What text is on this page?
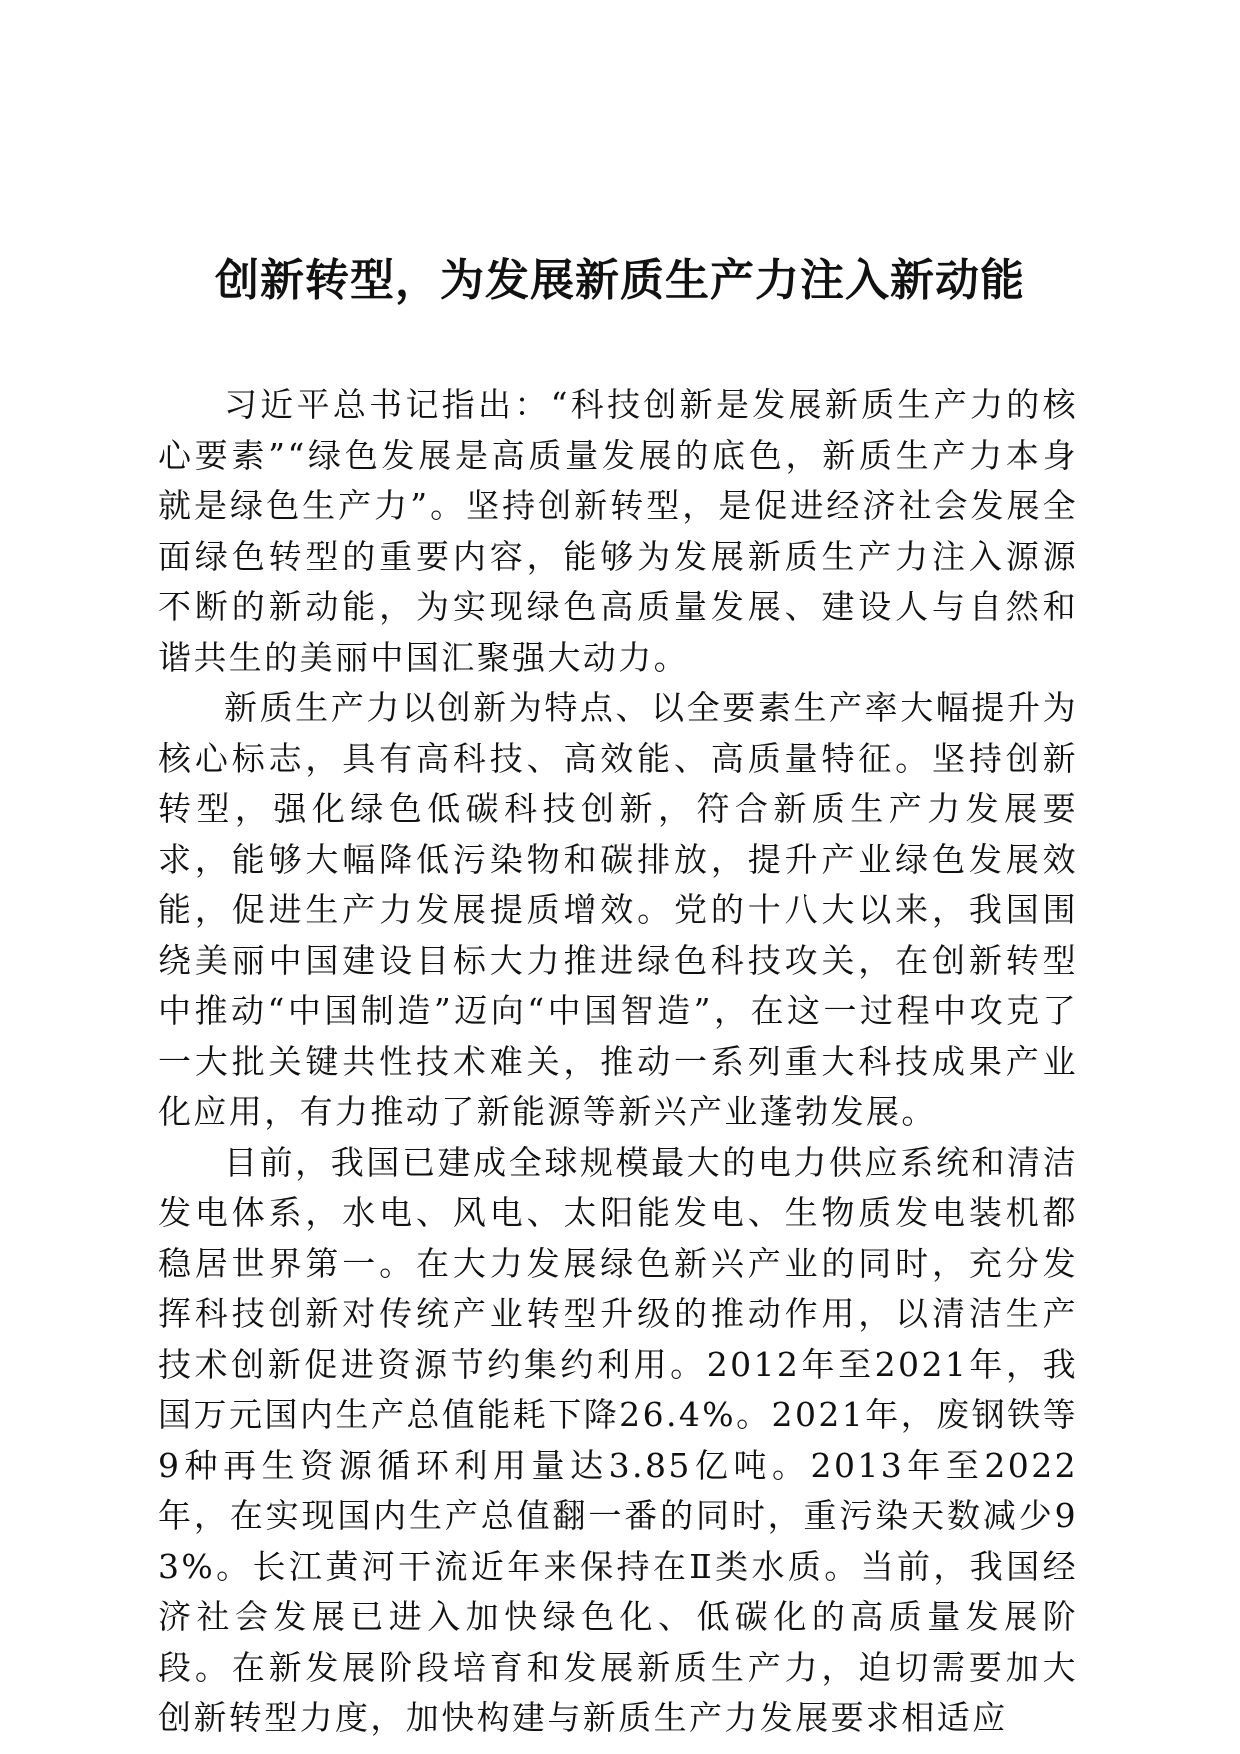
创新转型，为发展新质生产力注入新动能

习近平总书记指出：“科技创新是发展新质生产力的核心要素”“绿色发展是高质量发展的底色，新质生产力本身就是绿色生产力”。坚持创新转型，是促进经济社会发展全面绿色转型的重要内容，能够为发展新质生产力注入源源不断的新动能，为实现绿色高质量发展、建设人与自然和谐共生的美丽中国汇聚强大动力。

新质生产力以创新为特点、以全要素生产率大幅提升为核心标志，具有高科技、高效能、高质量特征。坚持创新转型，强化绿色低碳科技创新，符合新质生产力发展要求，能够大幅降低污染物和碳排放，提升产业绿色发展效能，促进生产力发展提质增效。党的十八大以来，我国围绕美丽中国建设目标大力推进绿色科技攻关，在创新转型中推动“中国制造”迈向“中国智造”，在这一过程中攻克了一大批关键共性技术难关，推动一系列重大科技成果产业化应用，有力推动了新能源等新兴产业蓬勃发展。

目前，我国已建成全球规模最大的电力供应系统和清洁发电体系，水电、风电、太阳能发电、生物质发电装机都稳居世界第一。在大力发展绿色新兴产业的同时，充分发挥科技创新对传统产业转型升级的推动作用，以清洁生产技术创新促进资源节约集约利用。2012年至2021年，我国万元国内生产总值能耗下降26.4%。2021年，废钢铁等9种再生资源循环利用量达3.85亿吨。2013年至2022年，在实现国内生产总值翻一番的同时，重污染天数减少93%。长江黄河干流近年来保持在Ⅱ类水质。当前，我国经济社会发展已进入加快绿色化、低碳化的高质量发展阶段。在新发展阶段培育和发展新质生产力，迫切需要加大创新转型力度，加快构建与新质生产力发展要求相适应
